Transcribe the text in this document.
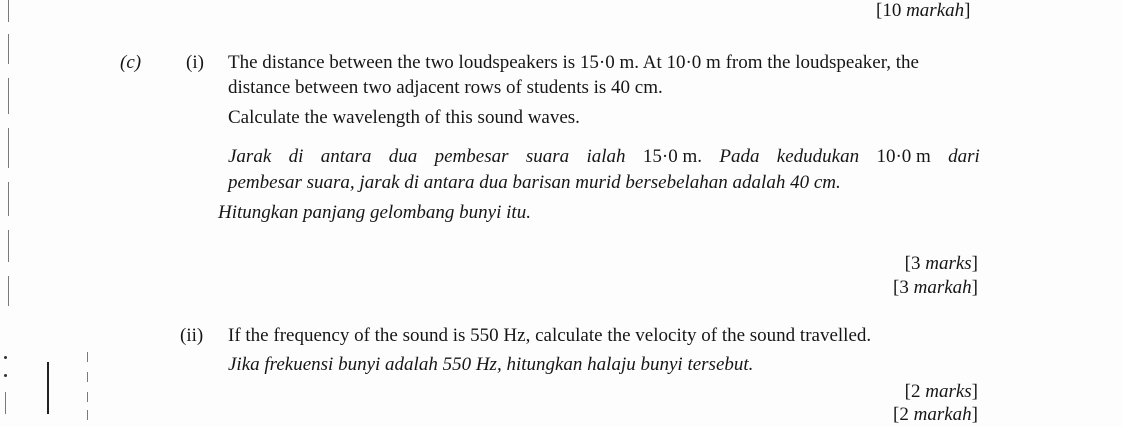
[10 markah]
(c) (i) The distance between the two loudspeakers is 15·0 m. At 10·0 m from the loudspeaker, the
distance between two adjacent rows of students is 40 cm.
Calculate the wavelength of this sound waves.
Jarak di antara dua pembesar suara ialah 15·0 m. Pada kedudukan 10·0 m dari
pembesar suara, jarak di antara dua barisan murid bersebelahan adalah 40 cm.
Hitungkan panjang gelombang bunyi itu.
[3 marks]
[3 markah]
(ii) If the frequency of the sound is 550 Hz, calculate the velocity of the sound travelled.
Jika frekuensi bunyi adalah 550 Hz, hitungkan halaju bunyi tersebut.
[2 marks]
[2 markah]
